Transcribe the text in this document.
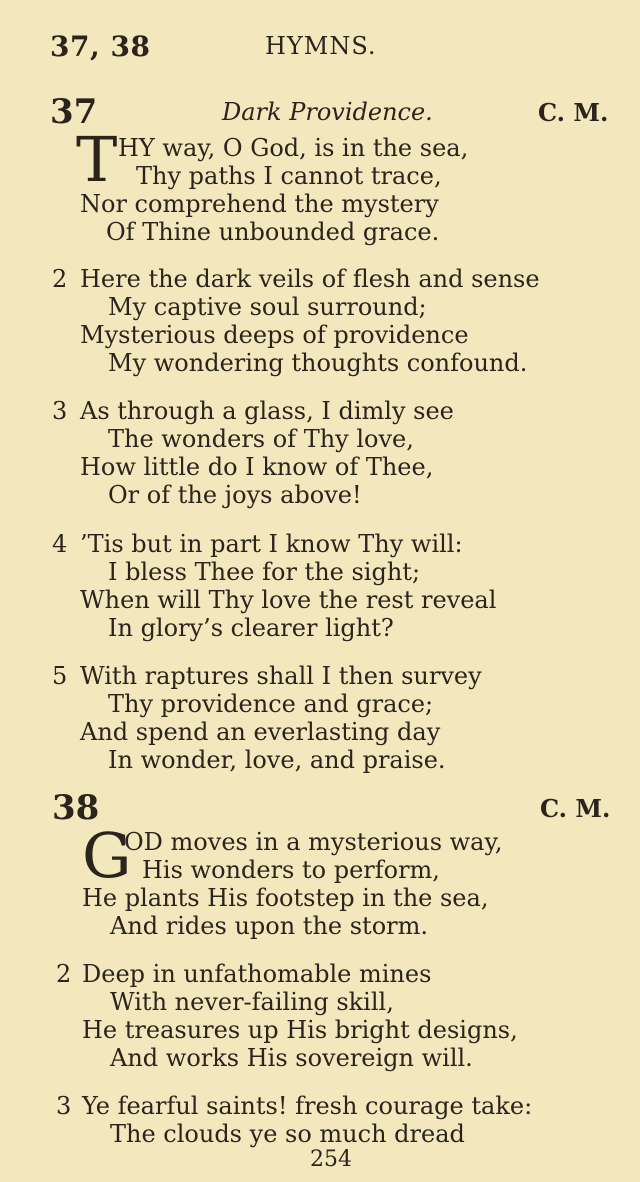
37, 38	HYMNS.
37	Dark Providence.	C. M.
T HY way, O God, is in the sea,
Thy paths I cannot trace,
Nor comprehend the mystery
Of Thine unbounded grace.
2 Here the dark veils of flesh and sense
My captive soul surround;
Mysterious deeps of providence
My wondering thoughts confound.
3 As through a glass, I dimly see
The wonders of Thy love,
How little do I know of Thee,
Or of the joys above!
4 ’Tis but in part I know Thy will:
I bless Thee for the sight;
When will Thy love the rest reveal
In glory’s clearer light?
5 With raptures shall I then survey
Thy providence and grace;
And spend an everlasting day
In wonder, love, and praise.
38	C. M.
G
OD moves in a mysterious way,
His wonders to perform,
He plants His footstep in the sea,
And rides upon the storm.
2 Deep in unfathomable mines
With never-failing skill,
He treasures up His bright designs,
And works His sovereign will.
3 Ye fearful saints! fresh courage take:
The clouds ye so much dread
254
